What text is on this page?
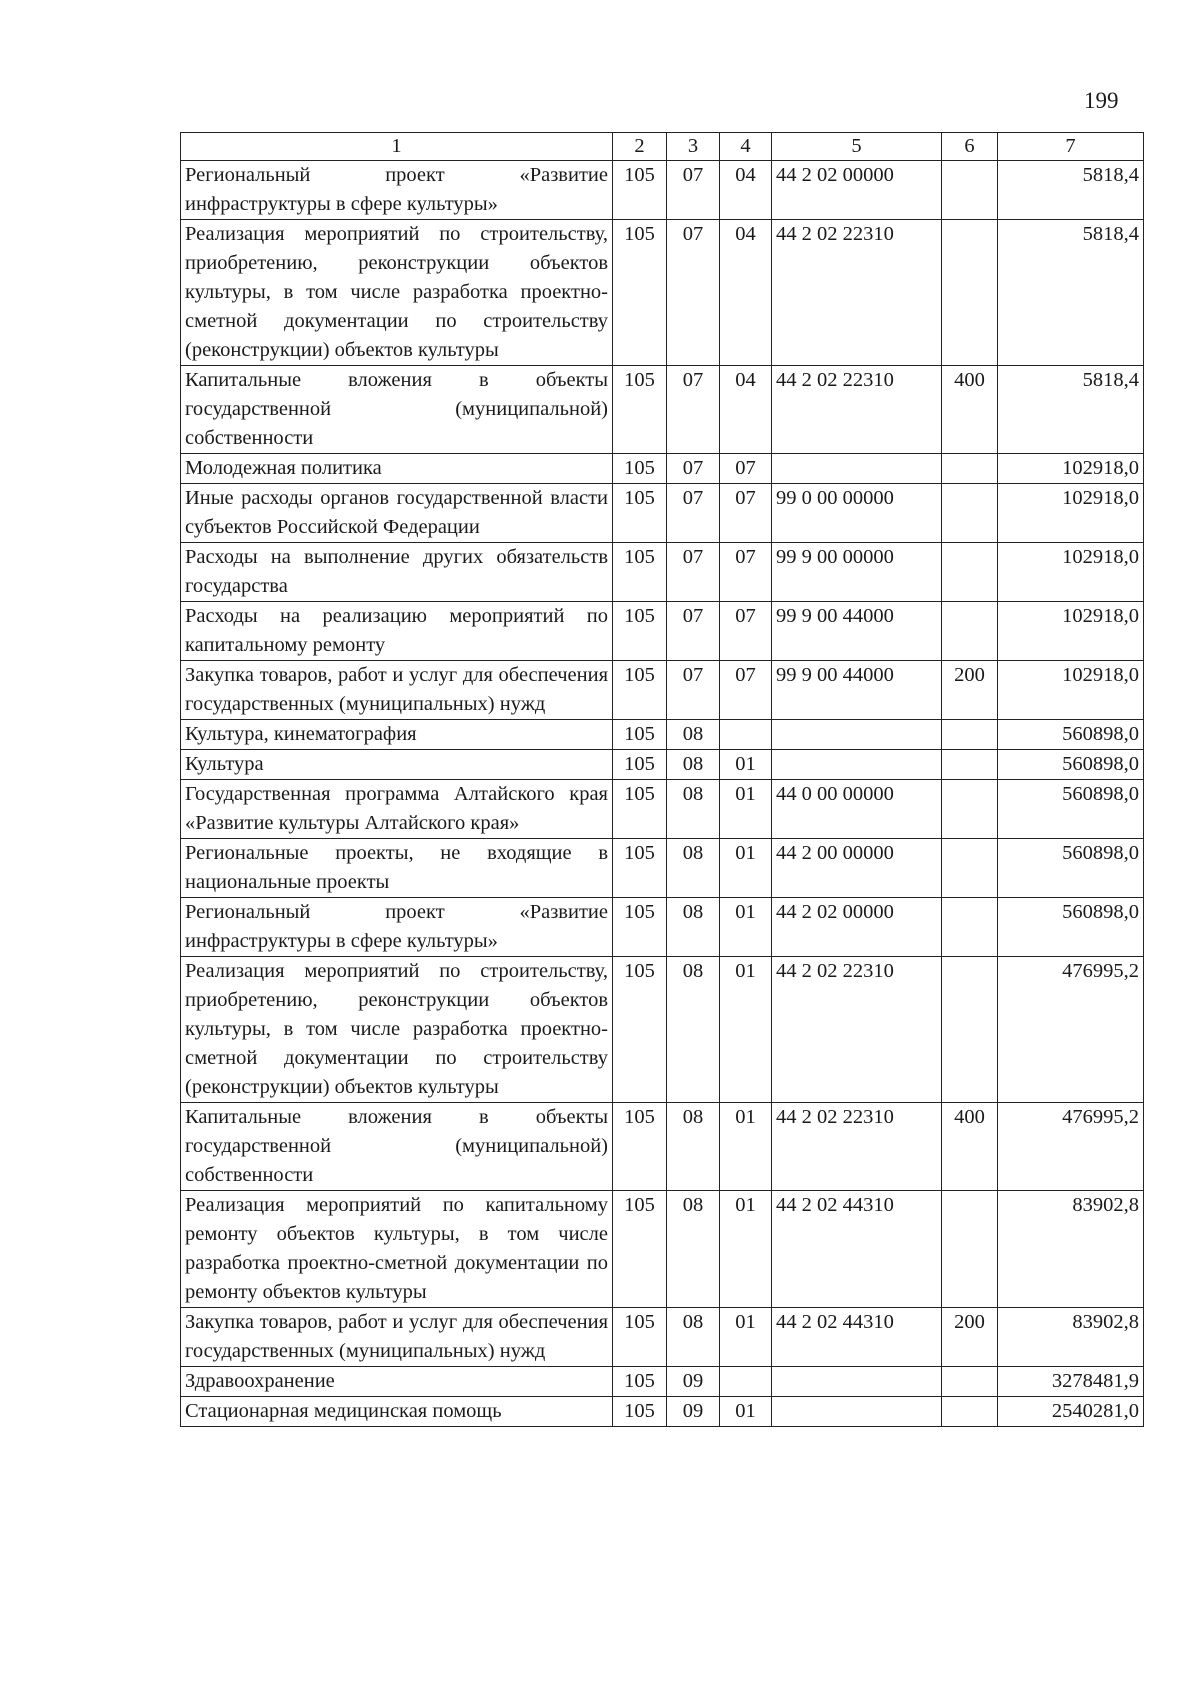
199
1	2	3	4	5	6	7
Региональный проект «Развитие инфраструктуры в сфере культуры»	105	07	04	44 2 02 00000		5818,4
Реализация мероприятий по строительству, приобретению, реконструкции объектов культуры, в том числе разработка проектно-сметной документации по строительству (реконструкции) объектов культуры	105	07	04	44 2 02 22310		5818,4
Капитальные вложения в объекты государственной (муниципальной) собственности	105	07	04	44 2 02 22310	400	5818,4
Молодежная политика	105	07	07			102918,0
Иные расходы органов государственной власти субъектов Российской Федерации	105	07	07	99 0 00 00000		102918,0
Расходы на выполнение других обязательств государства	105	07	07	99 9 00 00000		102918,0
Расходы на реализацию мероприятий по капитальному ремонту	105	07	07	99 9 00 44000		102918,0
Закупка товаров, работ и услуг для обеспечения государственных (муниципальных) нужд	105	07	07	99 9 00 44000	200	102918,0
Культура, кинематография	105	08				560898,0
Культура	105	08	01			560898,0
Государственная программа Алтайского края «Развитие культуры Алтайского края»	105	08	01	44 0 00 00000		560898,0
Региональные проекты, не входящие в национальные проекты	105	08	01	44 2 00 00000		560898,0
Региональный проект «Развитие инфраструктуры в сфере культуры»	105	08	01	44 2 02 00000		560898,0
Реализация мероприятий по строительству, приобретению, реконструкции объектов культуры, в том числе разработка проектно-сметной документации по строительству (реконструкции) объектов культуры	105	08	01	44 2 02 22310		476995,2
Капитальные вложения в объекты государственной (муниципальной) собственности	105	08	01	44 2 02 22310	400	476995,2
Реализация мероприятий по капитальному ремонту объектов культуры, в том числе разработка проектно-сметной документации по ремонту объектов культуры	105	08	01	44 2 02 44310		83902,8
Закупка товаров, работ и услуг для обеспечения государственных (муниципальных) нужд	105	08	01	44 2 02 44310	200	83902,8
Здравоохранение	105	09				3278481,9
Стационарная медицинская помощь	105	09	01			2540281,0
